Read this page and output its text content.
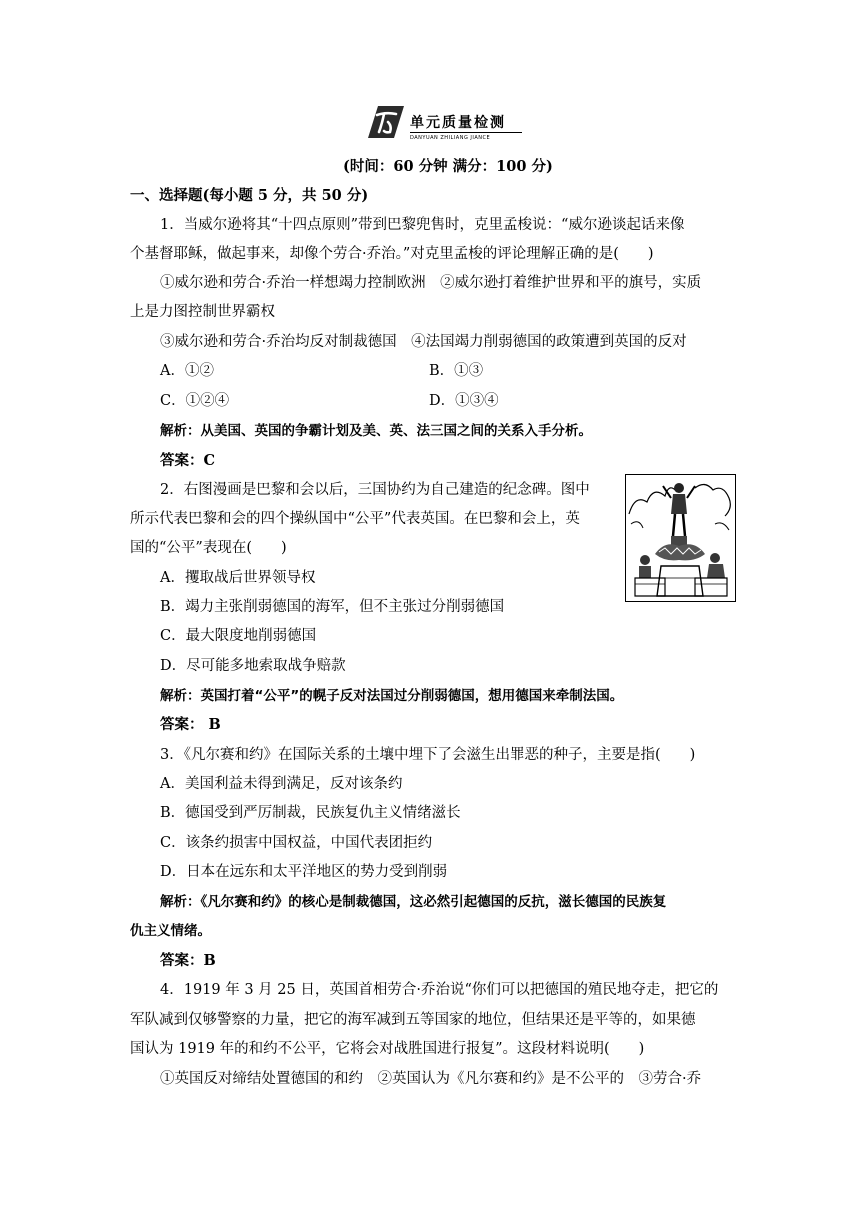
单元质量检测
DANYUAN ZHILIANG JIANCE
(时间：60 分钟 满分：100 分)
一、选择题(每小题 5 分，共 50 分)
1．当威尔逊将其“十四点原则”带到巴黎兜售时，克里孟梭说：“威尔逊谈起话来像
个基督耶稣，做起事来，却像个劳合·乔治。”对克里孟梭的评论理解正确的是(　　)
①威尔逊和劳合·乔治一样想竭力控制欧洲　②威尔逊打着维护世界和平的旗号，实质
上是力图控制世界霸权
③威尔逊和劳合·乔治均反对制裁德国　④法国竭力削弱德国的政策遭到英国的反对
A．①②	B．①③
C．①②④	D．①③④
解析：从美国、英国的争霸计划及美、英、法三国之间的关系入手分析。
答案：C
2．右图漫画是巴黎和会以后，三国协约为自己建造的纪念碑。图中
所示代表巴黎和会的四个操纵国中“公平”代表英国。在巴黎和会上，英
国的“公平”表现在(　　)
A．攫取战后世界领导权
B．竭力主张削弱德国的海军，但不主张过分削弱德国
C．最大限度地削弱德国
D．尽可能多地索取战争赔款
解析：英国打着“公平”的幌子反对法国过分削弱德国，想用德国来牵制法国。
答案： B
3．《凡尔赛和约》在国际关系的土壤中埋下了会滋生出罪恶的种子，主要是指(　　)
A．美国利益未得到满足，反对该条约
B．德国受到严厉制裁，民族复仇主义情绪滋长
C．该条约损害中国权益，中国代表团拒约
D．日本在远东和太平洋地区的势力受到削弱
解析：《凡尔赛和约》的核心是制裁德国，这必然引起德国的反抗，滋长德国的民族复
仇主义情绪。
答案：B
4．1919 年 3 月 25 日，英国首相劳合·乔治说“你们可以把德国的殖民地夺走，把它的
军队减到仅够警察的力量，把它的海军减到五等国家的地位，但结果还是平等的，如果德
国认为 1919 年的和约不公平，它将会对战胜国进行报复”。这段材料说明(　　)
①英国反对缔结处置德国的和约　②英国认为《凡尔赛和约》是不公平的　③劳合·乔
